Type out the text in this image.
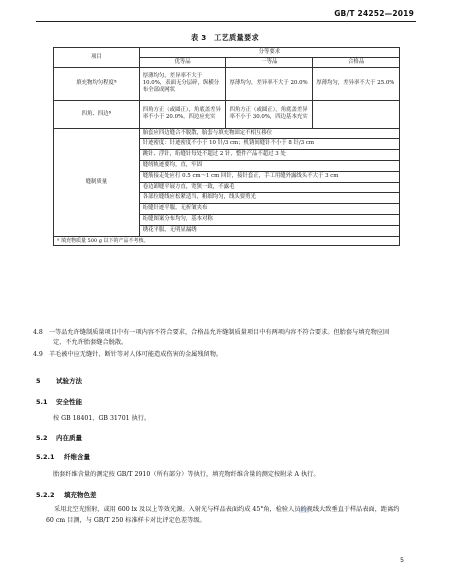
GB/T 24252—2019
表 3　工艺质量要求
项目	分等要求		
	优等品	一等品	合格品
填充物均匀程度ª	厚薄均匀，差异率不大于 10.0%，表面无分层碎，纵横分布全部成网状	厚薄均匀，差异率不大于 20.0%	厚薄均匀，差异率不大于 25.0%
四角、四边ª	四角方正（或圆正），角底盖差异率不小于 20.0%，四边应充实	四角方正（或圆正），角底盖差异率不小于 30.0%，四边基本充实	
缝制质量	胎套应四边缝合不脱散，胎套与填充物固定不相互移位		
	针迹密度：针迹密度不小于 10 针/3 cm；机锈间缝针不小于 8 针/3 cm		
	跳针、浮针，绗缝针每处不超过 2 针，整件产品不超过 3 处		
	缝纫轨迹要均，直，牢固		
	缝筋接走处应打 0.5 cm～1 cm 回针，接针套正，手工用缝外露线头不大于 3 cm		
	卷边卸缝平展方直，宽狭一致，不露毛		
	各部位缝线应松紧适当，粗细均匀，线头要剪光		
	绗缝针迹平服，无折皱夹布		
	绗缝图案分布均匀，基本对称		
	绣花平服，无明显漏绣		
ª 填充物质量 500 g 以下的产品不考核。			
4.8 一等品允许缝制质量项目中有一项内容不符合要求，合格品允许缝制质量项目中有两项内容不符合要求。但胎套与填充物应固定，不允许胎套缝合脱散。
4.9 羊毛被中应无缝针、断针等对人体可能造成伤害的金属残留物。
5 试验方法
5.1 安全性能
按 GB 18401、GB 31701 执行。
5.2 内在质量
5.2.1 纤维含量
胎套纤维含量的测定按 GB/T 2910（所有部分）等执行，填充物纤维含量的测定按附录 A 执行。
5.2.2 填充物色差
采用北空光照射，或用 600 lx 及以上等效光源。入射光与样品表面约成 45°角，检验人员的视线大致垂直于样品表面，距离约 60 cm 目测，与 GB/T 250 标准样卡对比评定色差等级。
5
